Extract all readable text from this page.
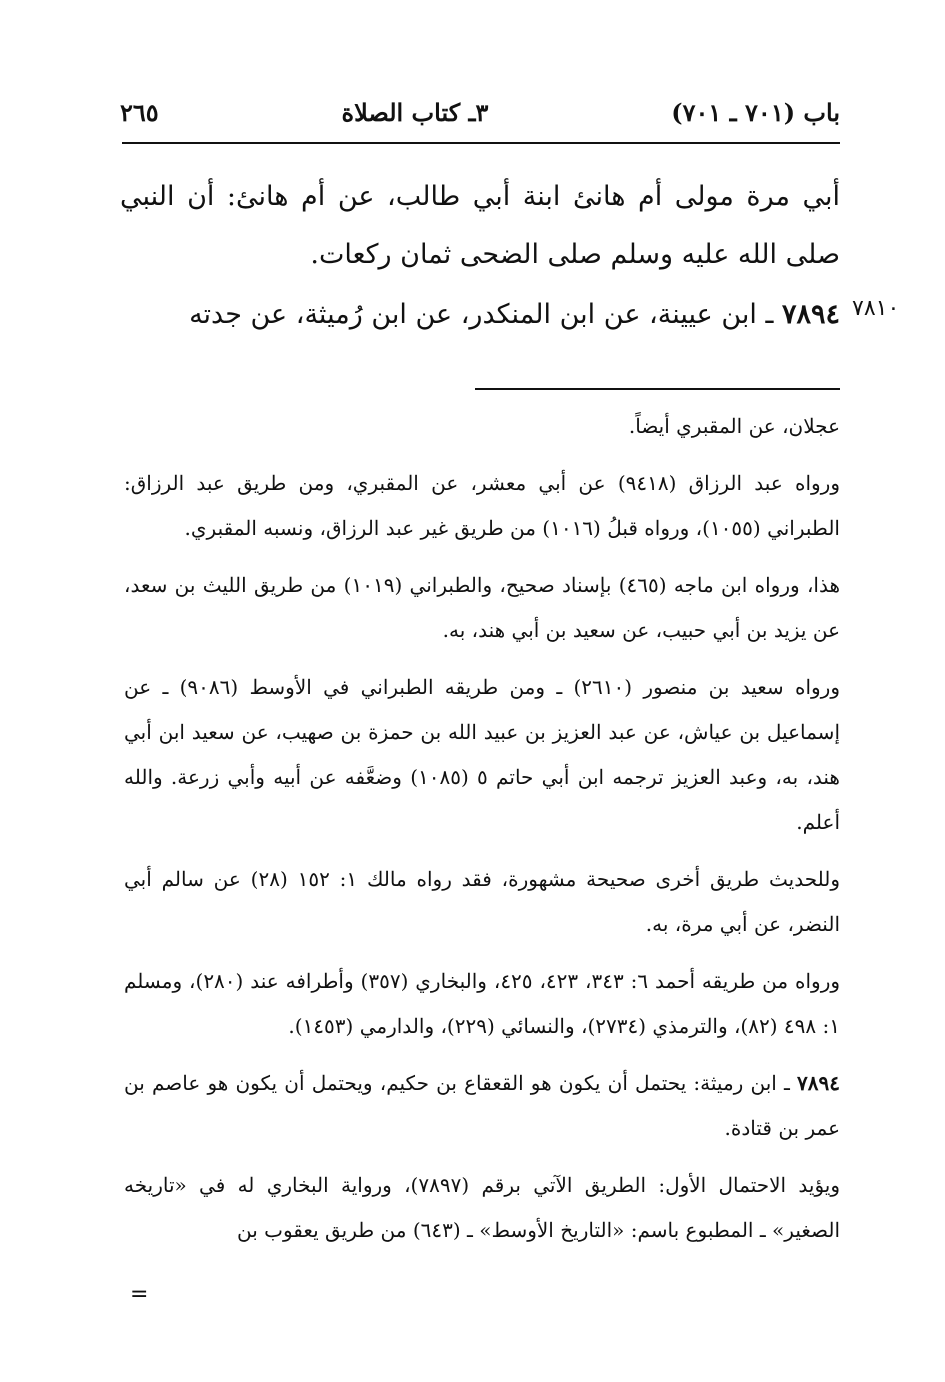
باب (٧٠١ ـ ٧٠١)
٣ـ كتاب الصلاة
٢٦٥

أبي مرة مولى أم هانئ ابنة أبي طالب، عن أم هانئ: أن النبي صلى الله عليه وسلم صلى الضحى ثمان ركعات.

٧٨٩٤ ـ ابن عيينة، عن ابن المنكدر، عن ابن رُميثة، عن جدته	٧٨١٠

عجلان، عن المقبري أيضاً.

ورواه عبد الرزاق (٩٤١٨) عن أبي معشر، عن المقبري، ومن طريق عبد الرزاق: الطبراني (١٠٥٥)، ورواه قبلُ (١٠١٦) من طريق غير عبد الرزاق، ونسبه المقبري.

هذا، ورواه ابن ماجه (٤٦٥) بإسناد صحيح، والطبراني (١٠١٩) من طريق الليث بن سعد، عن يزيد بن أبي حبيب، عن سعيد بن أبي هند، به.

ورواه سعيد بن منصور (٢٦١٠) ـ ومن طريقه الطبراني في الأوسط (٩٠٨٦) ـ عن إسماعيل بن عياش، عن عبد العزيز بن عبيد الله بن حمزة بن صهيب، عن سعيد ابن أبي هند، به، وعبد العزيز ترجمه ابن أبي حاتم ٥ (١٠٨٥) وضعَّفه عن أبيه وأبي زرعة. والله أعلم.

وللحديث طريق أخرى صحيحة مشهورة، فقد رواه مالك ١: ١٥٢ (٢٨) عن سالم أبي النضر، عن أبي مرة، به.

ورواه من طريقه أحمد ٦: ٣٤٣، ٤٢٣، ٤٢٥، والبخاري (٣٥٧) وأطرافه عند (٢٨٠)، ومسلم ١: ٤٩٨ (٨٢)، والترمذي (٢٧٣٤)، والنسائي (٢٢٩)، والدارمي (١٤٥٣).

٧٨٩٤ ـ ابن رميثة: يحتمل أن يكون هو القعقاع بن حكيم، ويحتمل أن يكون هو عاصم بن عمر بن قتادة.

ويؤيد الاحتمال الأول: الطريق الآتي برقم (٧٨٩٧)، ورواية البخاري له في «تاريخه الصغير» ـ المطبوع باسم: «التاريخ الأوسط» ـ (٦٤٣) من طريق يعقوب بن

=
